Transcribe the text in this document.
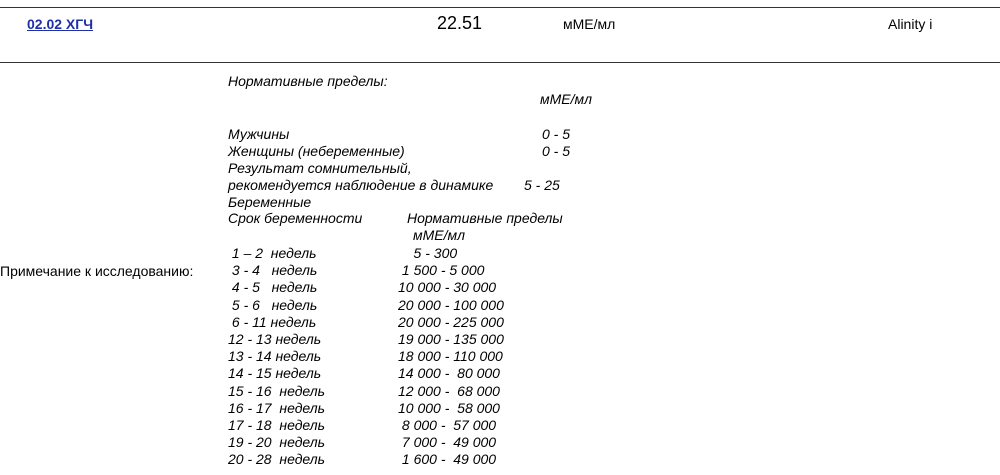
02.02 ХГЧ	22.51	мМЕ/мл	Alinity i
Примечание к исследованию:
Нормативные пределы:
мМЕ/мл
Мужчины	0 - 5
Женщины (небеременные)	0 - 5
Результат сомнительный,
рекомендуется наблюдение в динамике 5 - 25
Беременные
Срок беременности	Нормативные пределы
мМЕ/мл
1 – 2  недель	5 - 300
3 - 4   недель	1 500 - 5 000
4 - 5   недель	10 000 - 30 000
5 - 6   недель	20 000 - 100 000
6 - 11 недель	20 000 - 225 000
12 - 13 недель	19 000 - 135 000
13 - 14 недель	18 000 - 110 000
14 - 15 недель	14 000 -  80 000
15 - 16  недель	12 000 -  68 000
16 - 17  недель	10 000 -  58 000
17 - 18  недель	8 000 -  57 000
19 - 20  недель	7 000 -  49 000
20 - 28  недель	1 600 -  49 000
